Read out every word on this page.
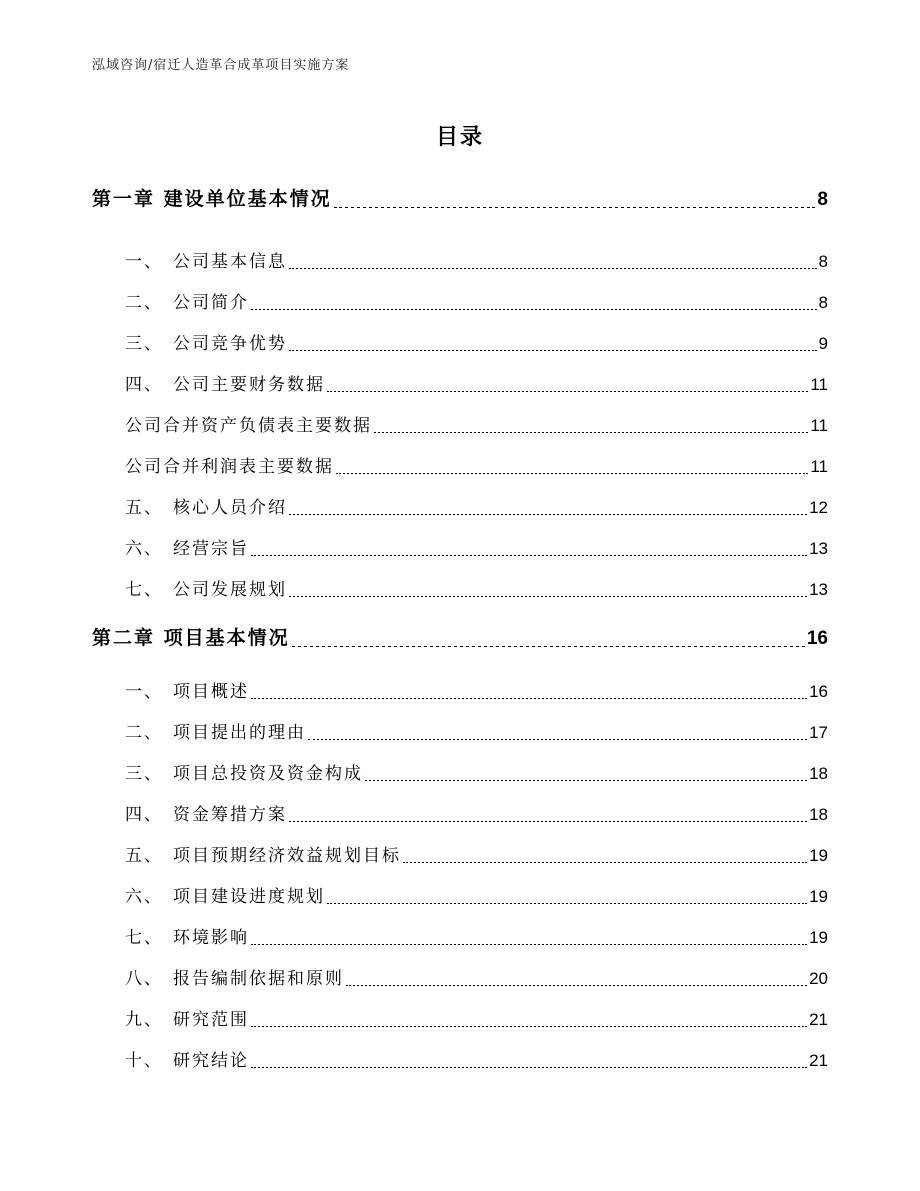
泓域咨询/宿迁人造革合成革项目实施方案
目录
第一章 建设单位基本情况	8
一、 公司基本信息	8
二、 公司简介	8
三、 公司竞争优势	9
四、 公司主要财务数据	11
公司合并资产负债表主要数据	11
公司合并利润表主要数据	11
五、 核心人员介绍	12
六、 经营宗旨	13
七、 公司发展规划	13
第二章 项目基本情况	16
一、 项目概述	16
二、 项目提出的理由	17
三、 项目总投资及资金构成	18
四、 资金筹措方案	18
五、 项目预期经济效益规划目标	19
六、 项目建设进度规划	19
七、 环境影响	19
八、 报告编制依据和原则	20
九、 研究范围	21
十、 研究结论	21
